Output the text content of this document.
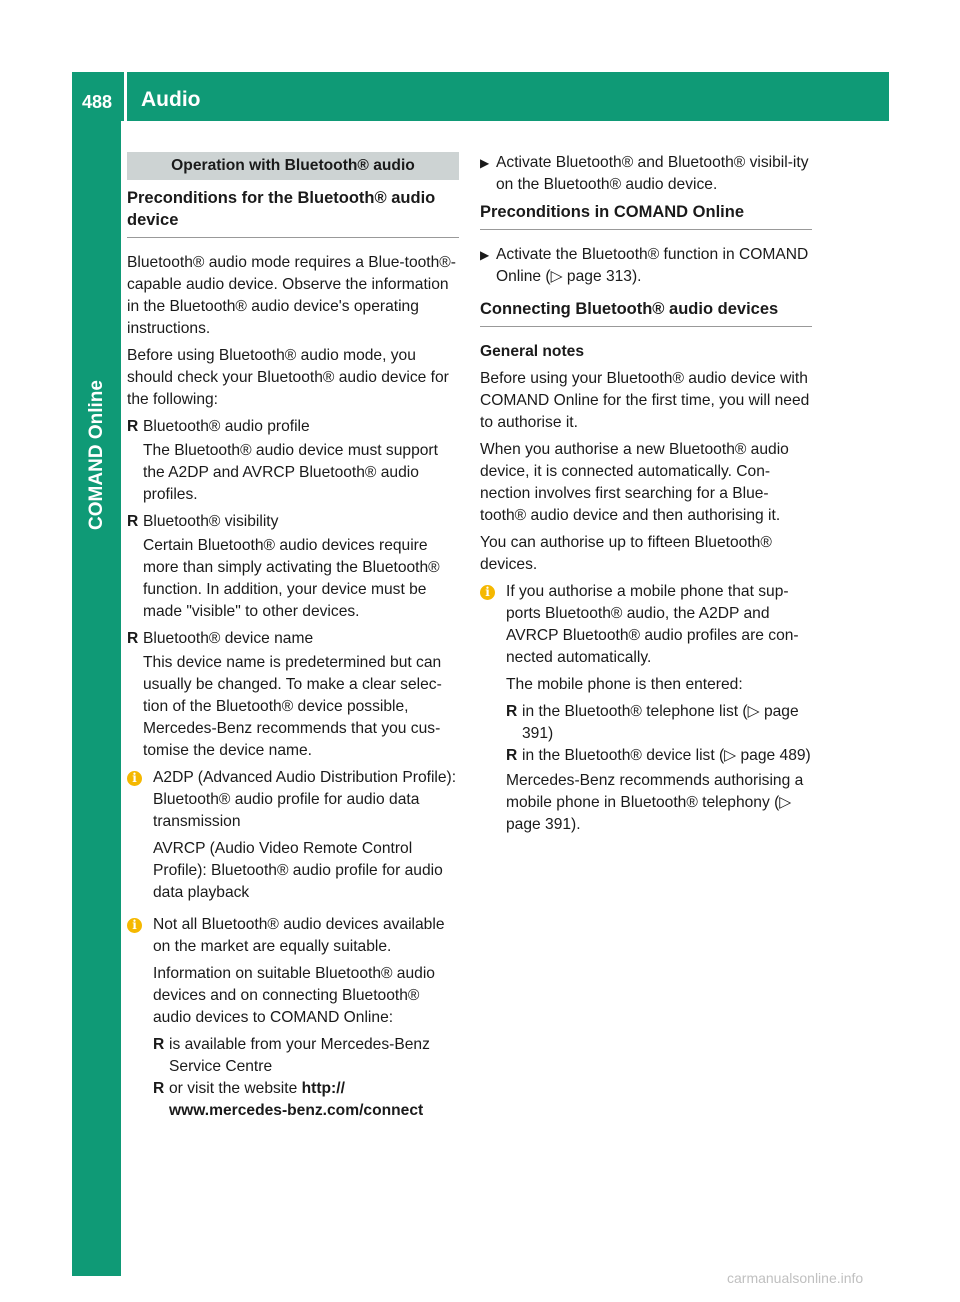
488 Audio
COMAND Online
Operation with Bluetooth® audio
Preconditions for the Bluetooth® audio device

Bluetooth® audio mode requires a Blue-tooth®-capable audio device. Observe the information in the Bluetooth® audio device's operating instructions.

Before using Bluetooth® audio mode, you should check your Bluetooth® audio device for the following:

R Bluetooth® audio profile
The Bluetooth® audio device must support the A2DP and AVRCP Bluetooth® audio profiles.
R Bluetooth® visibility
Certain Bluetooth® audio devices require more than simply activating the Bluetooth® function. In addition, your device must be made "visible" to other devices.
R Bluetooth® device name
This device name is predetermined but can usually be changed. To make a clear selec-tion of the Bluetooth® device possible, Mercedes-Benz recommends that you cus-tomise the device name.
i	A2DP (Advanced Audio Distribution Profile): Bluetooth® audio profile for audio data transmission

AVRCP (Audio Video Remote Control Profile): Bluetooth® audio profile for audio data playback

i	Not all Bluetooth® audio devices available on the market are equally suitable.

Information on suitable Bluetooth® audio devices and on connecting Bluetooth® audio devices to COMAND Online:

R is available from your Mercedes-Benz Service Centre
R or visit the website http:// www.mercedes-benz.com/connect
▶ Activate Bluetooth® and Bluetooth® visibil-ity on the Bluetooth® audio device.
Preconditions in COMAND Online
▶ Activate the Bluetooth® function in COMAND Online (▷ page 313).
Connecting Bluetooth® audio devices

General notes

Before using your Bluetooth® audio device with COMAND Online for the first time, you will need to authorise it.

When you authorise a new Bluetooth® audio device, it is connected automatically. Con-nection involves first searching for a Blue-tooth® audio device and then authorising it.

You can authorise up to fifteen Bluetooth® devices.

i	If you authorise a mobile phone that sup-ports Bluetooth® audio, the A2DP and AVRCP Bluetooth® audio profiles are con-nected automatically.

The mobile phone is then entered:

R in the Bluetooth® telephone list (▷ page 391)
R in the Bluetooth® device list (▷ page 489)

Mercedes-Benz recommends authorising a mobile phone in Bluetooth® telephony (▷ page 391).

carmanualsonline.info
